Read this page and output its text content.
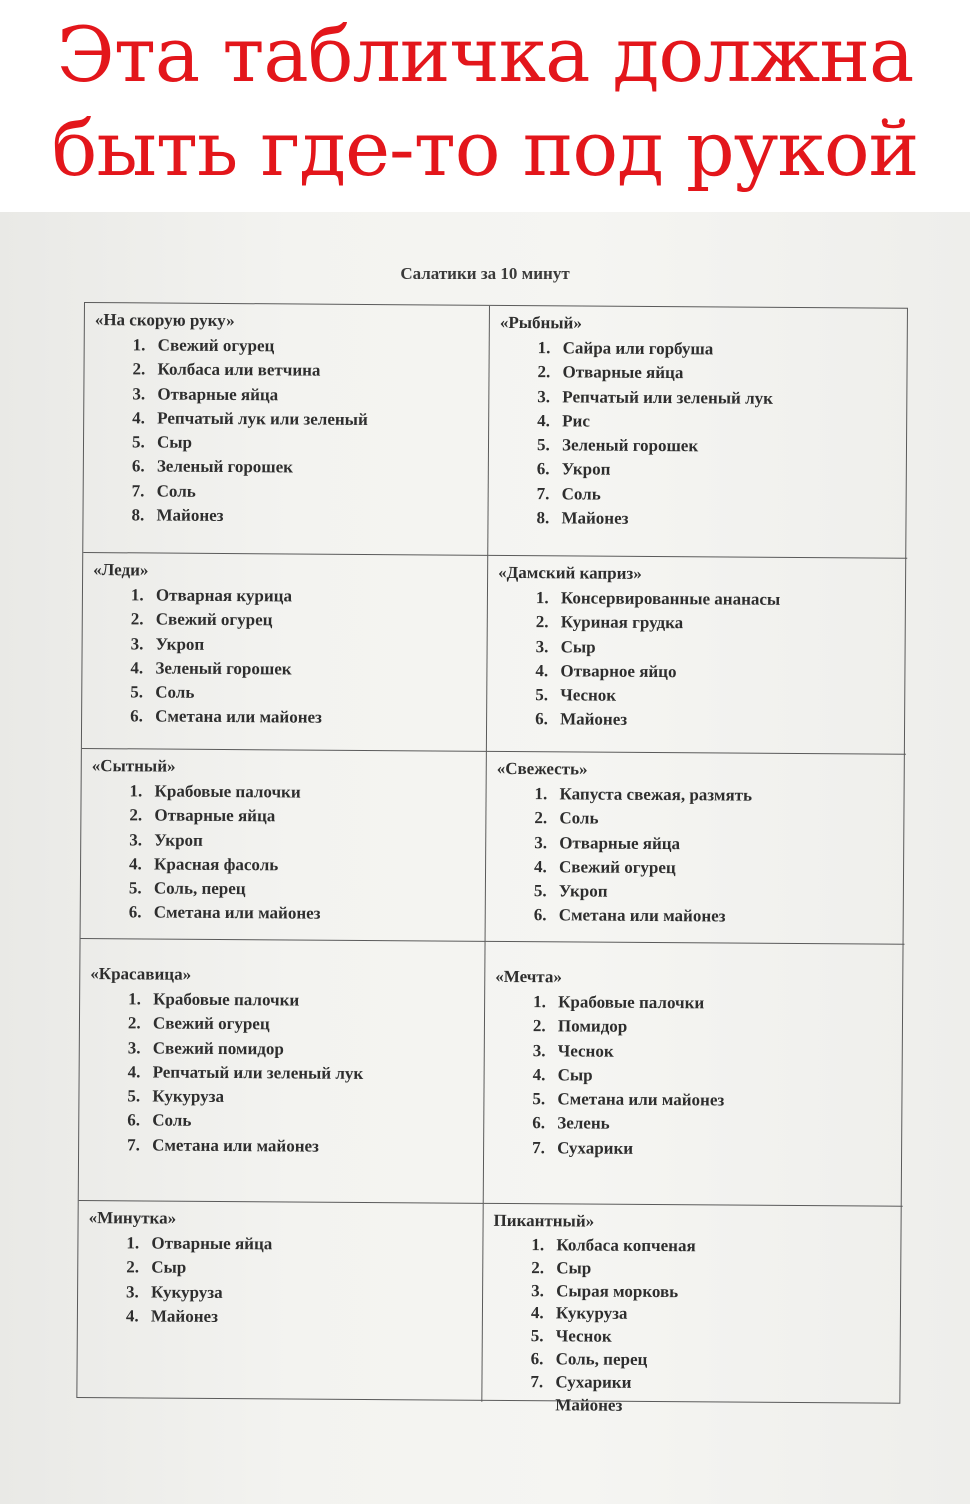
Эта табличка должна
быть где-то под рукой
Салатики за 10 минут
«На скорую руку»
1. Свежий огурец
2. Колбаса или ветчина
3. Отварные яйца
4. Репчатый лук или зеленый
5. Сыр
6. Зеленый горошек
7. Соль
8. Майонез
«Рыбный»
1. Сайра или горбуша
2. Отварные яйца
3. Репчатый или зеленый лук
4. Рис
5. Зеленый горошек
6. Укроп
7. Соль
8. Майонез
«Леди»
1. Отварная курица
2. Свежий огурец
3. Укроп
4. Зеленый горошек
5. Соль
6. Сметана или майонез
«Дамский каприз»
1. Консервированные ананасы
2. Куриная грудка
3. Сыр
4. Отварное яйцо
5. Чеснок
6. Майонез
«Сытный»
1. Крабовые палочки
2. Отварные яйца
3. Укроп
4. Красная фасоль
5. Соль, перец
6. Сметана или майонез
«Свежесть»
1. Капуста свежая, размять
2. Соль
3. Отварные яйца
4. Свежий огурец
5. Укроп
6. Сметана или майонез
«Красавица»
1. Крабовые палочки
2. Свежий огурец
3. Свежий помидор
4. Репчатый или зеленый лук
5. Кукуруза
6. Соль
7. Сметана или майонез
«Мечта»
1. Крабовые палочки
2. Помидор
3. Чеснок
4. Сыр
5. Сметана или майонез
6. Зелень
7. Сухарики
«Минутка»
1. Отварные яйца
2. Сыр
3. Кукуруза
4. Майонез
Пикантный»
1. Колбаса копченая
2. Сыр
3. Сырая морковь
4. Кукуруза
5. Чеснок
6. Соль, перец
7. Сухарики
Майонез
